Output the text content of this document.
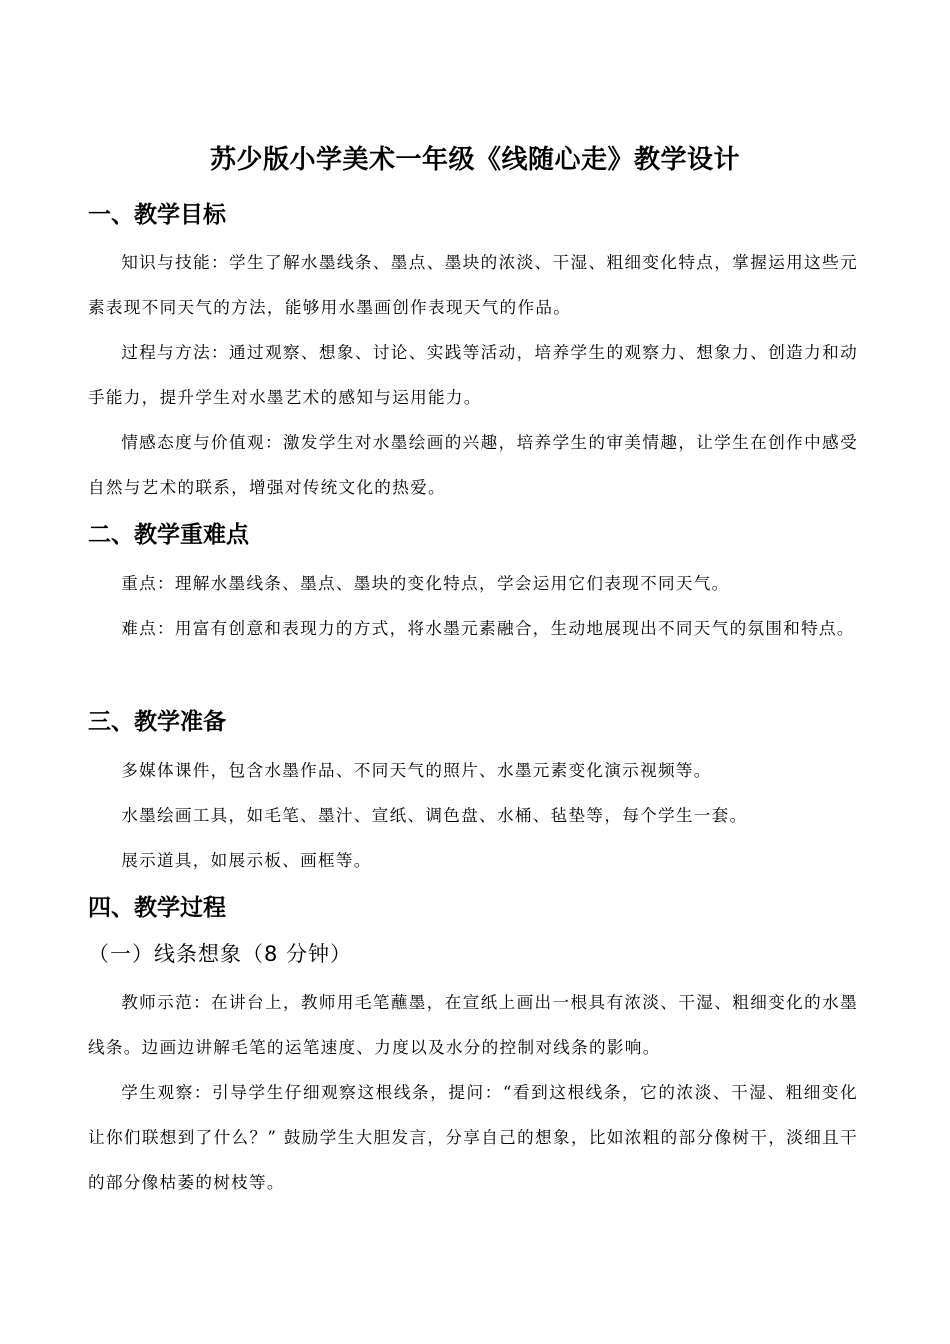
苏少版小学美术一年级《线随心走》教学设计
一、教学目标
知识与技能：学生了解水墨线条、墨点、墨块的浓淡、干湿、粗细变化特点，掌握运用这些元素表现不同天气的方法，能够用水墨画创作表现天气的作品。
过程与方法：通过观察、想象、讨论、实践等活动，培养学生的观察力、想象力、创造力和动手能力，提升学生对水墨艺术的感知与运用能力。
情感态度与价值观：激发学生对水墨绘画的兴趣，培养学生的审美情趣，让学生在创作中感受自然与艺术的联系，增强对传统文化的热爱。
二、教学重难点
重点：理解水墨线条、墨点、墨块的变化特点，学会运用它们表现不同天气。
难点：用富有创意和表现力的方式，将水墨元素融合，生动地展现出不同天气的氛围和特点。
三、教学准备
多媒体课件，包含水墨作品、不同天气的照片、水墨元素变化演示视频等。
水墨绘画工具，如毛笔、墨汁、宣纸、调色盘、水桶、毡垫等，每个学生一套。
展示道具，如展示板、画框等。
四、教学过程
（一）线条想象（8 分钟）
教师示范：在讲台上，教师用毛笔蘸墨，在宣纸上画出一根具有浓淡、干湿、粗细变化的水墨线条。边画边讲解毛笔的运笔速度、力度以及水分的控制对线条的影响。
学生观察：引导学生仔细观察这根线条，提问：“看到这根线条，它的浓淡、干湿、粗细变化让你们联想到了什么？” 鼓励学生大胆发言，分享自己的想象，比如浓粗的部分像树干，淡细且干的部分像枯萎的树枝等。
